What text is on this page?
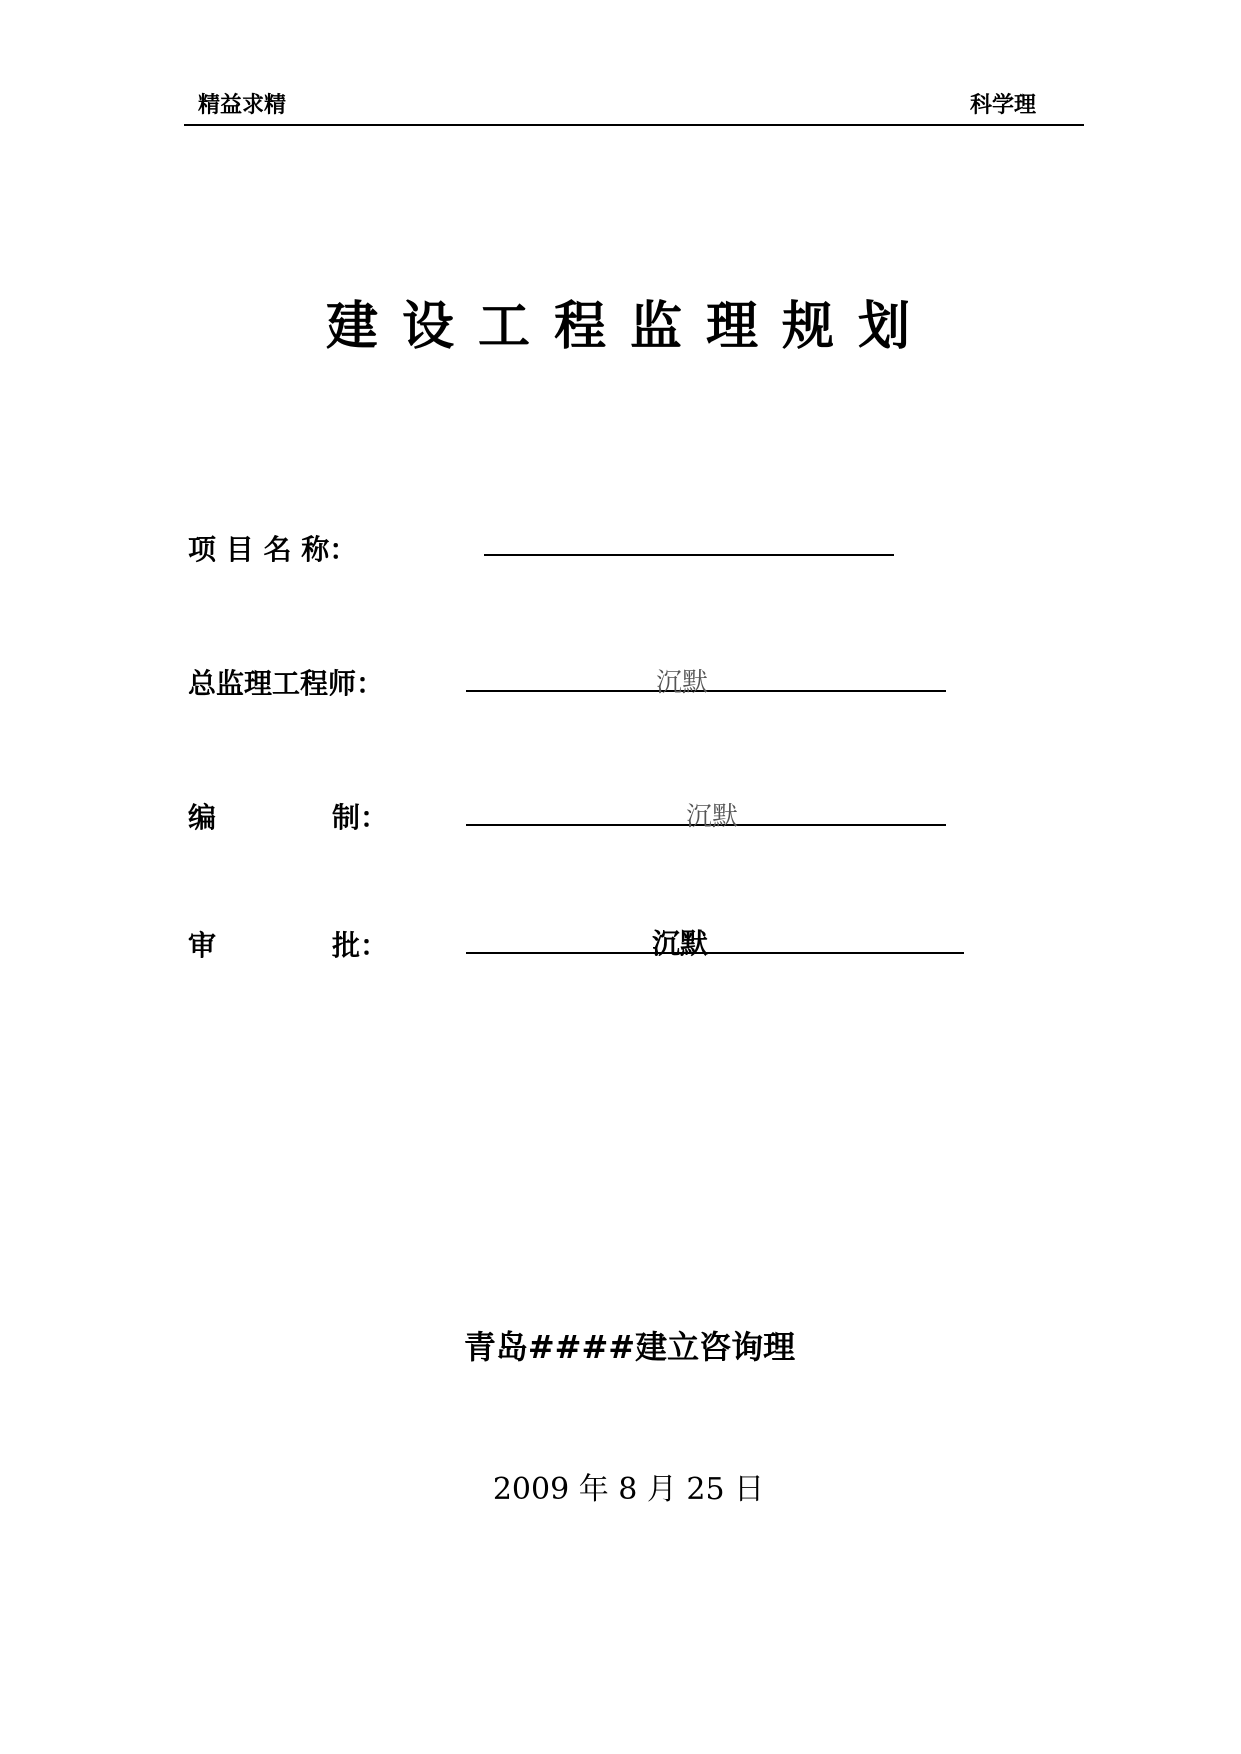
精益求精	科学理
建设工程监理规划
项 目 名 称：
总监理工程师：	沉默
编	制：	沉默
审	批：	沉默
青岛####建立咨询理
2009 年 8 月 25 日
